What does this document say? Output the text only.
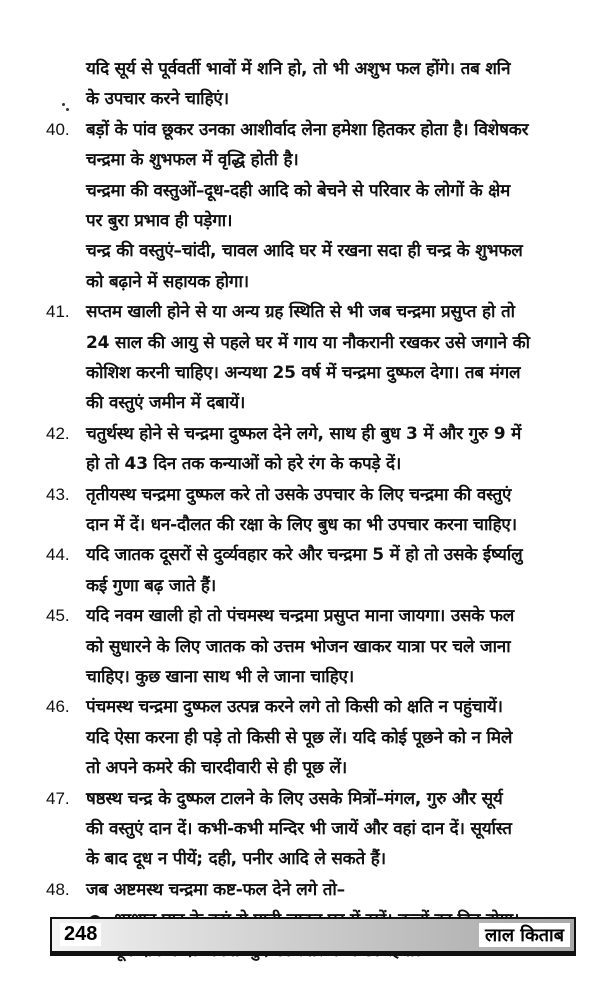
यदि सूर्य से पूर्ववर्ती भावों में शनि हो, तो भी अशुभ फल होंगे। तब शनि
के उपचार करने चाहिएं।
40. बड़ों के पांव छूकर उनका आशीर्वाद लेना हमेशा हितकर होता है। विशेषकर
चन्द्रमा के शुभफल में वृद्धि होती है।
चन्द्रमा की वस्तुओं–दूध-दही आदि को बेचने से परिवार के लोगों के क्षेम
पर बुरा प्रभाव ही पड़ेगा।
चन्द्र की वस्तुएं–चांदी, चावल आदि घर में रखना सदा ही चन्द्र के शुभफल
को बढ़ाने में सहायक होगा।
41. सप्तम खाली होने से या अन्य ग्रह स्थिति से भी जब चन्द्रमा प्रसुप्त हो तो
24 साल की आयु से पहले घर में गाय या नौकरानी रखकर उसे जगाने की
कोशिश करनी चाहिए। अन्यथा 25 वर्ष में चन्द्रमा दुष्फल देगा। तब मंगल
की वस्तुएं जमीन में दबायें।
42. चतुर्थस्थ होने से चन्द्रमा दुष्फल देने लगे, साथ ही बुध 3 में और गुरु 9 में
हो तो 43 दिन तक कन्याओं को हरे रंग के कपड़े दें।
43. तृतीयस्थ चन्द्रमा दुष्फल करे तो उसके उपचार के लिए चन्द्रमा की वस्तुएं
दान में दें। धन-दौलत की रक्षा के लिए बुध का भी उपचार करना चाहिए।
44. यदि जातक दूसरों से दुर्व्यवहार करे और चन्द्रमा 5 में हो तो उसके ईर्ष्यालु
कई गुणा बढ़ जाते हैं।
45. यदि नवम खाली हो तो पंचमस्थ चन्द्रमा प्रसुप्त माना जायगा। उसके फल
को सुधारने के लिए जातक को उत्तम भोजन खाकर यात्रा पर चले जाना
चाहिए। कुछ खाना साथ भी ले जाना चाहिए।
46. पंचमस्थ चन्द्रमा दुष्फल उत्पन्न करने लगे तो किसी को क्षति न पहुंचायें।
यदि ऐसा करना ही पड़े तो किसी से पूछ लें। यदि कोई पूछने को न मिले
तो अपने कमरे की चारदीवारी से ही पूछ लें।
47. षष्ठस्थ चन्द्र के दुष्फल टालने के लिए उसके मित्रों–मंगल, गुरु और सूर्य
की वस्तुएं दान दें। कभी-कभी मन्दिर भी जायें और वहां दान दें। सूर्यास्त
के बाद दूध न पीयें; दही, पनीर आदि ले सकते हैं।
48. जब अष्टमस्थ चन्द्रमा कष्ट-फल देने लगे तो–
248	लाल किताब
